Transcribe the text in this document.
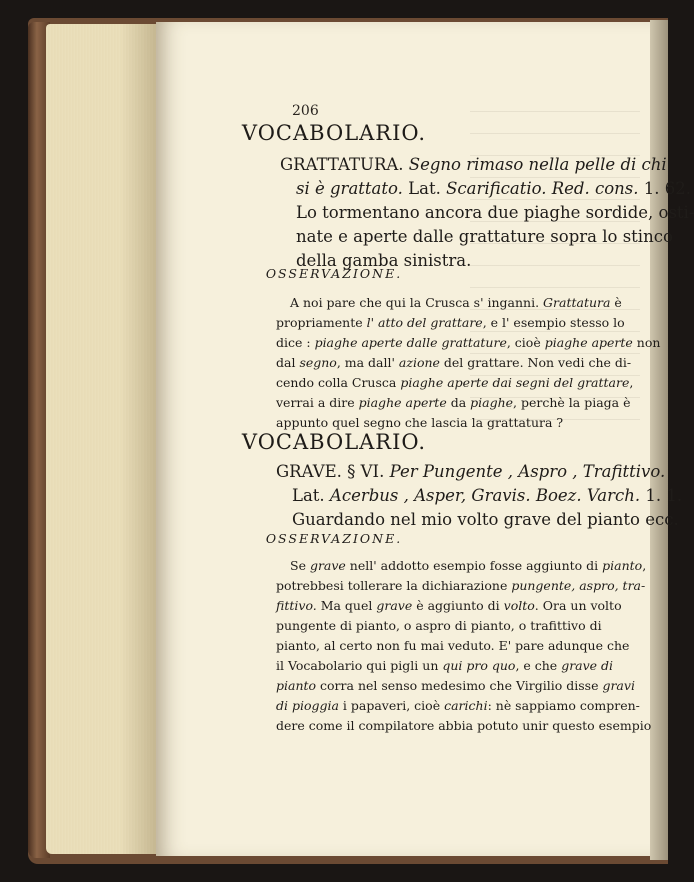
206
VOCABOLARIO.
GRATTATURA. Segno rimaso nella pelle di chi
si è grattato. Lat. Scarificatio. Red. cons. 1. 62.
Lo tormentano ancora due piaghe sordide, osti-
nate e aperte dalle grattature sopra lo stinco
della gamba sinistra.
OSSERVAZIONE.
A noi pare che qui la Crusca s' inganni. Grattatura è
propriamente l' atto del grattare, e l' esempio stesso lo
dice : piaghe aperte dalle grattature, cioè piaghe aperte non
dal segno, ma dall' azione del grattare. Non vedi che di-
cendo colla Crusca piaghe aperte dai segni del grattare,
verrai a dire piaghe aperte da piaghe, perchè la piaga è
appunto quel segno che lascia la grattatura ?
VOCABOLARIO.
GRAVE. § VI. Per Pungente , Aspro , Trafittivo.
Lat. Acerbus , Asper, Gravis. Boez. Varch. 1. 1.
Guardando nel mio volto grave del pianto ecc.
OSSERVAZIONE.
Se grave nell' addotto esempio fosse aggiunto di pianto,
potrebbesi tollerare la dichiarazione pungente, aspro, tra-
fittivo. Ma quel grave è aggiunto di volto. Ora un volto
pungente di pianto, o aspro di pianto, o trafittivo di
pianto, al certo non fu mai veduto. E' pare adunque che
il Vocabolario qui pigli un qui pro quo, e che grave di
pianto corra nel senso medesimo che Virgilio disse gravi
di pioggia i papaveri, cioè carichi: nè sappiamo compren-
dere come il compilatore abbia potuto unir questo esempio
